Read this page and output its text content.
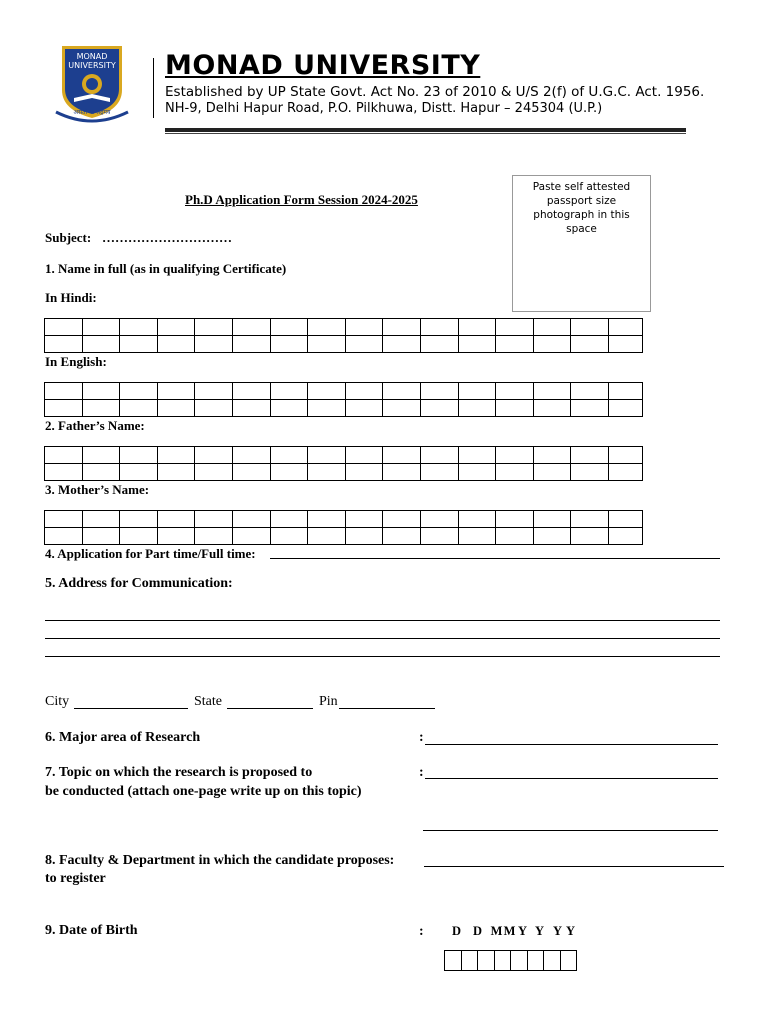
MONAD UNIVERSITY
असतो मा सद्गमय
MONAD UNIVERSITY
Established by UP State Govt. Act No. 23 of 2010 & U/S 2(f) of U.G.C. Act. 1956.
NH-9, Delhi Hapur Road, P.O. Pilkhuwa, Distt. Hapur – 245304 (U.P.)
Paste self attested passport size photograph in this space
Ph.D Application Form Session 2024-2025
Subject: …………………………
1. Name in full (as in qualifying Certificate)
In Hindi:

In English:

2. Father’s Name:

3. Mother’s Name:

4. Application for Part time/Full time:
5. Address for Communication:
City	State	Pin
6. Major area of Research	:
7. Topic on which the research is proposed to
be conducted (attach one-page write up on this topic)
:
8. Faculty & Department in which the candidate proposes:
to register
9. Date of Birth	: D D MM Y Y Y Y
